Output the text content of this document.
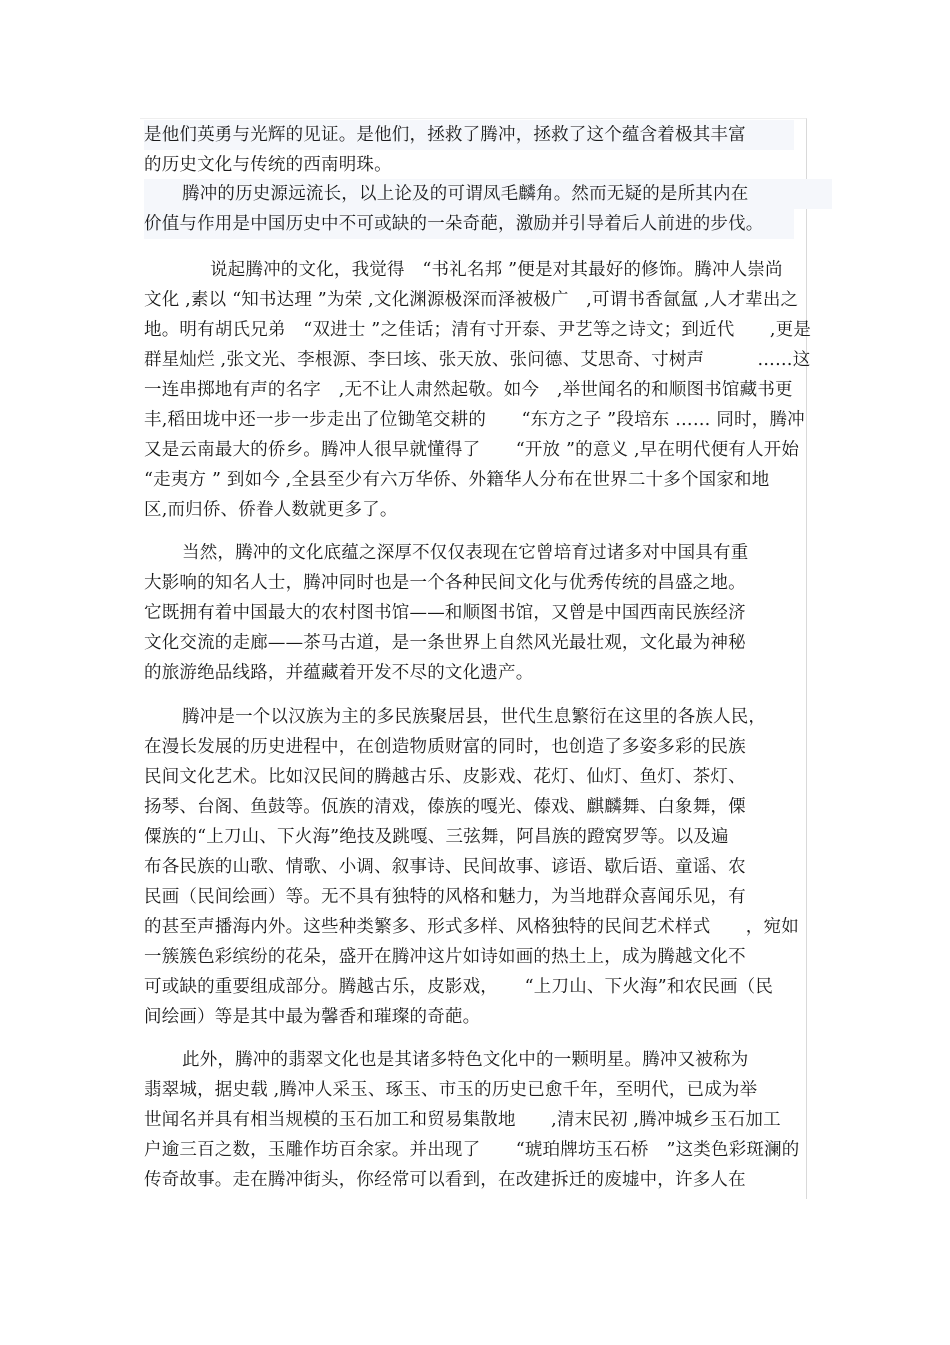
是他们英勇与光辉的见证。是他们，拯救了腾冲，拯救了这个蕴含着极其丰富
的历史文化与传统的西南明珠。
腾冲的历史源远流长，以上论及的可谓凤毛麟角。然而无疑的是所其内在
价值与作用是中国历史中不可或缺的一朵奇葩，激励并引导着后人前进的步伐。
说起腾冲的文化，我觉得　“书礼名邦 ”便是对其最好的修饰。腾冲人崇尚
文化 ,素以 “知书达理 ”为荣 ,文化渊源极深而泽被极广　,可谓书香氤氲 ,人才辈出之
地。明有胡氏兄弟　“双进士 ”之佳话；清有寸开泰、尹艺等之诗文；到近代　　,更是
群星灿烂 ,张文光、李根源、李曰垓、张天放、张问德、艾思奇、寸树声　　　……这
一连串掷地有声的名字　,无不让人肃然起敬。如今　,举世闻名的和顺图书馆藏书更
丰,稻田垅中还一步一步走出了位锄笔交耕的　　“东方之子 ”段培东 …… 同时，腾冲
又是云南最大的侨乡。腾冲人很早就懂得了　　“开放 ”的意义 ,早在明代便有人开始
“走夷方 ” 到如今 ,全县至少有六万华侨、外籍华人分布在世界二十多个国家和地
区,而归侨、侨眷人数就更多了。
当然，腾冲的文化底蕴之深厚不仅仅表现在它曾培育过诸多对中国具有重
大影响的知名人士，腾冲同时也是一个各种民间文化与优秀传统的昌盛之地。
它既拥有着中国最大的农村图书馆——和顺图书馆，又曾是中国西南民族经济
文化交流的走廊——茶马古道，是一条世界上自然风光最壮观，文化最为神秘
的旅游绝品线路，并蕴藏着开发不尽的文化遗产。
腾冲是一个以汉族为主的多民族聚居县，世代生息繁衍在这里的各族人民，
在漫长发展的历史进程中，在创造物质财富的同时，也创造了多姿多彩的民族
民间文化艺术。比如汉民间的腾越古乐、皮影戏、花灯、仙灯、鱼灯、茶灯、
扬琴、台阁、鱼鼓等。佤族的清戏，傣族的嘎光、傣戏、麒麟舞、白象舞，傈
僳族的“上刀山、下火海”绝技及跳嘎、三弦舞，阿昌族的蹬窝罗等。以及遍
布各民族的山歌、情歌、小调、叙事诗、民间故事、谚语、歇后语、童谣、农
民画（民间绘画）等。无不具有独特的风格和魅力，为当地群众喜闻乐见，有
的甚至声播海内外。这些种类繁多、形式多样、风格独特的民间艺术样式　　，宛如
一簇簇色彩缤纷的花朵，盛开在腾冲这片如诗如画的热土上，成为腾越文化不
可或缺的重要组成部分。腾越古乐，皮影戏，　　“上刀山、下火海”和农民画（民
间绘画）等是其中最为馨香和璀璨的奇葩。
此外，腾冲的翡翠文化也是其诸多特色文化中的一颗明星。腾冲又被称为
翡翠城，据史载 ,腾冲人采玉、琢玉、市玉的历史已愈千年，至明代，已成为举
世闻名并具有相当规模的玉石加工和贸易集散地　　,清末民初 ,腾冲城乡玉石加工
户逾三百之数，玉雕作坊百余家。并出现了　　“琥珀牌坊玉石桥　”这类色彩斑澜的
传奇故事。走在腾冲街头，你经常可以看到，在改建拆迁的废墟中，许多人在
